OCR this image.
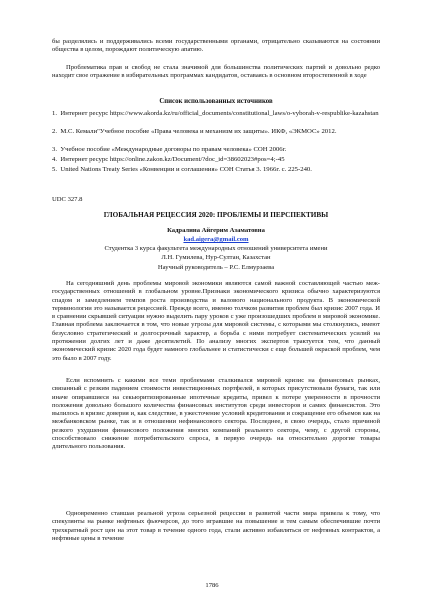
бы разделялись и поддерживались всеми государственными органами, отрицательно сказываются на состоянии общества в целом, порождают политическую апатию.

Проблематика прав и свобод не стала значимой для большинства политических партий и довольно редко находит свое отражение в избирательных программах кандидатов, оставаясь в основном второстепенной в ходе

Список использованных источников

1. Интернет ресурс https://www.akorda.kz/ru/official_documents/constitutional_laws/o-vyborah-v-respublike-kazahstan

2. М.С. Кемали"Учебное пособие «Права человека и механизм их защиты». ИКФ, «ЭКМОС» 2012.

3. Учебное пособие «Международные договоры по правам человека» СОН 2006г.

4. Интернет ресурс https://online.zakon.kz/Document/?doc_id=38602023#pos=4;-45

5. United Nations Treaty Series «Конвенции и соглашения» СОН Статья 3. 1966г. с. 225-240.

UDC 327.8

ГЛОБАЛЬНАЯ РЕЦЕССИЯ 2020: ПРОБЛЕМЫ И ПЕРСПЕКТИВЫ

Кадралина Айгерим Азаматовна

kad.aigera@gmail.com

Студентка 3 курса факультета международных отношений университета имени

Л.Н. Гумилева, Нур-Султан, Казахстан

Научный руководитель – Р.С. Елмурзаева

На сегодняшний день проблемы мировой экономики являются самой важной составляющей частью меж-государственных отношений в глобальном уровне.Признаки экономического кризиса обычно характеризуются спадом и замедлением темпов роста производства и валового национального продукта. В экономической терминологии это называется рецессией. Прежде всего, именно толчком развития проблем был кризис 2007 года. И в сравнении скрывшей ситуации нужно выделить пару уроков с уже произошедших проблем в мировой экономике. Главная проблема заключается в том, что новые угрозы для мировой системы, с которыми мы столкнулись, имеют безусловно стратегический и долгосрочный характер, а борьба с ними потребует систематических усилий на протяжении долгих лет и даже десятилетий. По анализу многих экспертов трактуется тем, что данный экономический кризис 2020 года будет намного глобальнее и статистически с еще большей окраской проблем, чем это было в 2007 году.

Если вспомнить с какими все теми проблемами сталкивался мировой кризис на финансовых рынках, связанный с резким падением стоимости инвестиционных портфелей, в которых присутствовали бумаги, так или иначе опиравшиеся на секьюритизированные ипотечные кредиты, привел к потере уверенности в прочности положения довольно большого количества финансовых институтов среди инвесторов и самих финансистов. Это вылилось в кризис доверия и, как следствие, в ужесточение условий кредитования и сокращение его объемов как на межбанковском рынке, так и в отношении нефинансового сектора. Последнее, в свою очередь, стало причиной резкого ухудшения финансового положения многих компаний реального сектора, чему, с другой стороны, способствовало снижение потребительского спроса, в первую очередь на относительно дорогие товары длительного пользования.

Одновременно ставшая реальной угроза серьезной рецессии в развитой части мира привела к тому, что спекулянты на рынке нефтяных фьючерсов, до того игравшие на повышение и тем самым обеспечившие почти трехкратный рост цен на этот товар в течение одного года, стали активно избавляться от нефтяных контрактов, а нефтяные цены в течение

1786
